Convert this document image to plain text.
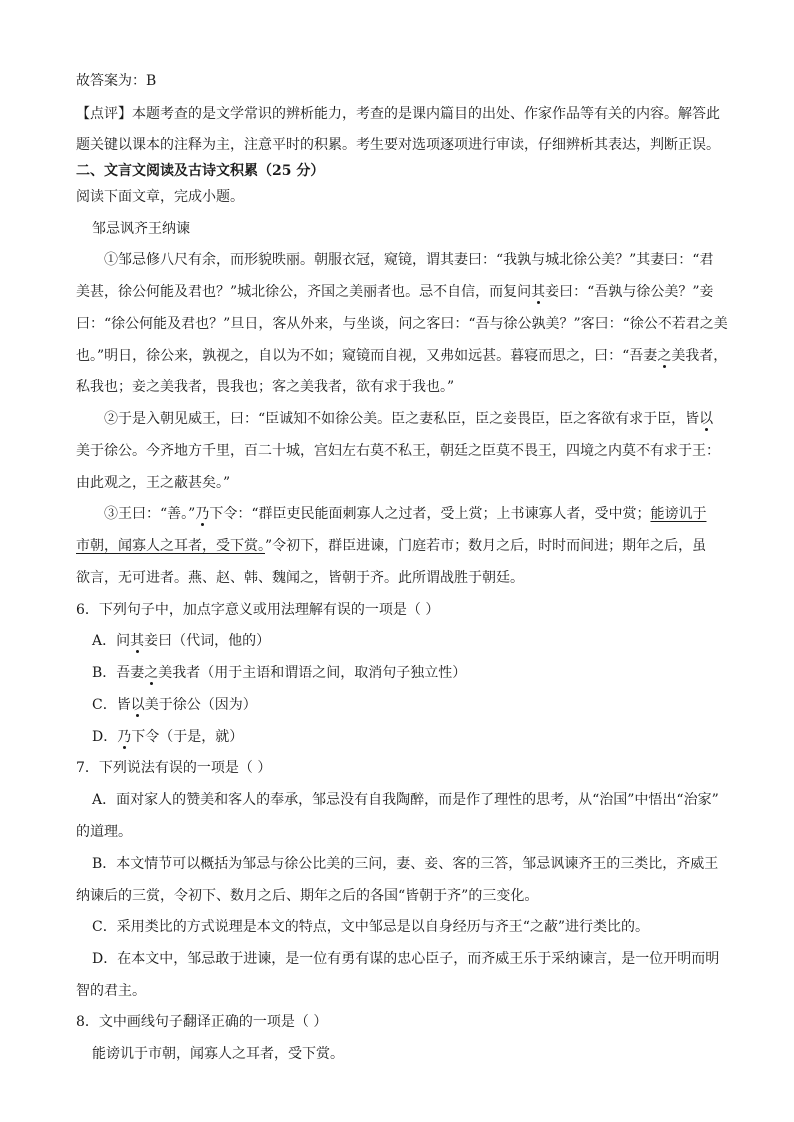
故答案为：B

【点评】本题考查的是文学常识的辨析能力，考查的是课内篇目的出处、作家作品等有关的内容。解答此

题关键以课本的注释为主，注意平时的积累。考生要对选项逐项进行审读，仔细辨析其表达，判断正误。

二、文言文阅读及古诗文积累（25 分）

阅读下面文章，完成小题。

邹忌讽齐王纳谏

①邹忌修八尺有余，而形貌昳丽。朝服衣冠，窥镜，谓其妻曰：“我孰与城北徐公美？”其妻曰：“君

美甚，徐公何能及君也？”城北徐公，齐国之美丽者也。忌不自信，而复问其妾曰：“吾孰与徐公美？”妾

曰：“徐公何能及君也？”旦日，客从外来，与坐谈，问之客曰：“吾与徐公孰美？”客曰：“徐公不若君之美

也。”明日，徐公来，孰视之，自以为不如；窥镜而自视，又弗如远甚。暮寝而思之，曰：“吾妻之美我者，

私我也；妾之美我者，畏我也；客之美我者，欲有求于我也。”

②于是入朝见威王，曰：“臣诚知不如徐公美。臣之妻私臣，臣之妾畏臣，臣之客欲有求于臣，皆以

美于徐公。今齐地方千里，百二十城，宫妇左右莫不私王，朝廷之臣莫不畏王，四境之内莫不有求于王：

由此观之，王之蔽甚矣。”

③王曰：“善。”乃下令：“群臣吏民能面刺寡人之过者，受上赏；上书谏寡人者，受中赏；能谤讥于

市朝，闻寡人之耳者，受下赏。”令初下，群臣进谏，门庭若市；数月之后，时时而间进；期年之后，虽

欲言，无可进者。燕、赵、韩、魏闻之，皆朝于齐。此所谓战胜于朝廷。

6．下列句子中，加点字意义或用法理解有误的一项是（ ）

A．问其妾曰（代词，他的）

B．吾妻之美我者（用于主语和谓语之间，取消句子独立性）

C．皆以美于徐公（因为）

D．乃下令（于是，就）

7．下列说法有误的一项是（ ）

A．面对家人的赞美和客人的奉承，邹忌没有自我陶醉，而是作了理性的思考，从“治国”中悟出“治家”

的道理。

B．本文情节可以概括为邹忌与徐公比美的三问，妻、妾、客的三答，邹忌讽谏齐王的三类比，齐威王

纳谏后的三赏，令初下、数月之后、期年之后的各国“皆朝于齐”的三变化。

C．采用类比的方式说理是本文的特点，文中邹忌是以自身经历与齐王“之蔽”进行类比的。

D．在本文中，邹忌敢于进谏，是一位有勇有谋的忠心臣子，而齐威王乐于采纳谏言，是一位开明而明

智的君主。

8．文中画线句子翻译正确的一项是（ ）

能谤讥于市朝，闻寡人之耳者，受下赏。
